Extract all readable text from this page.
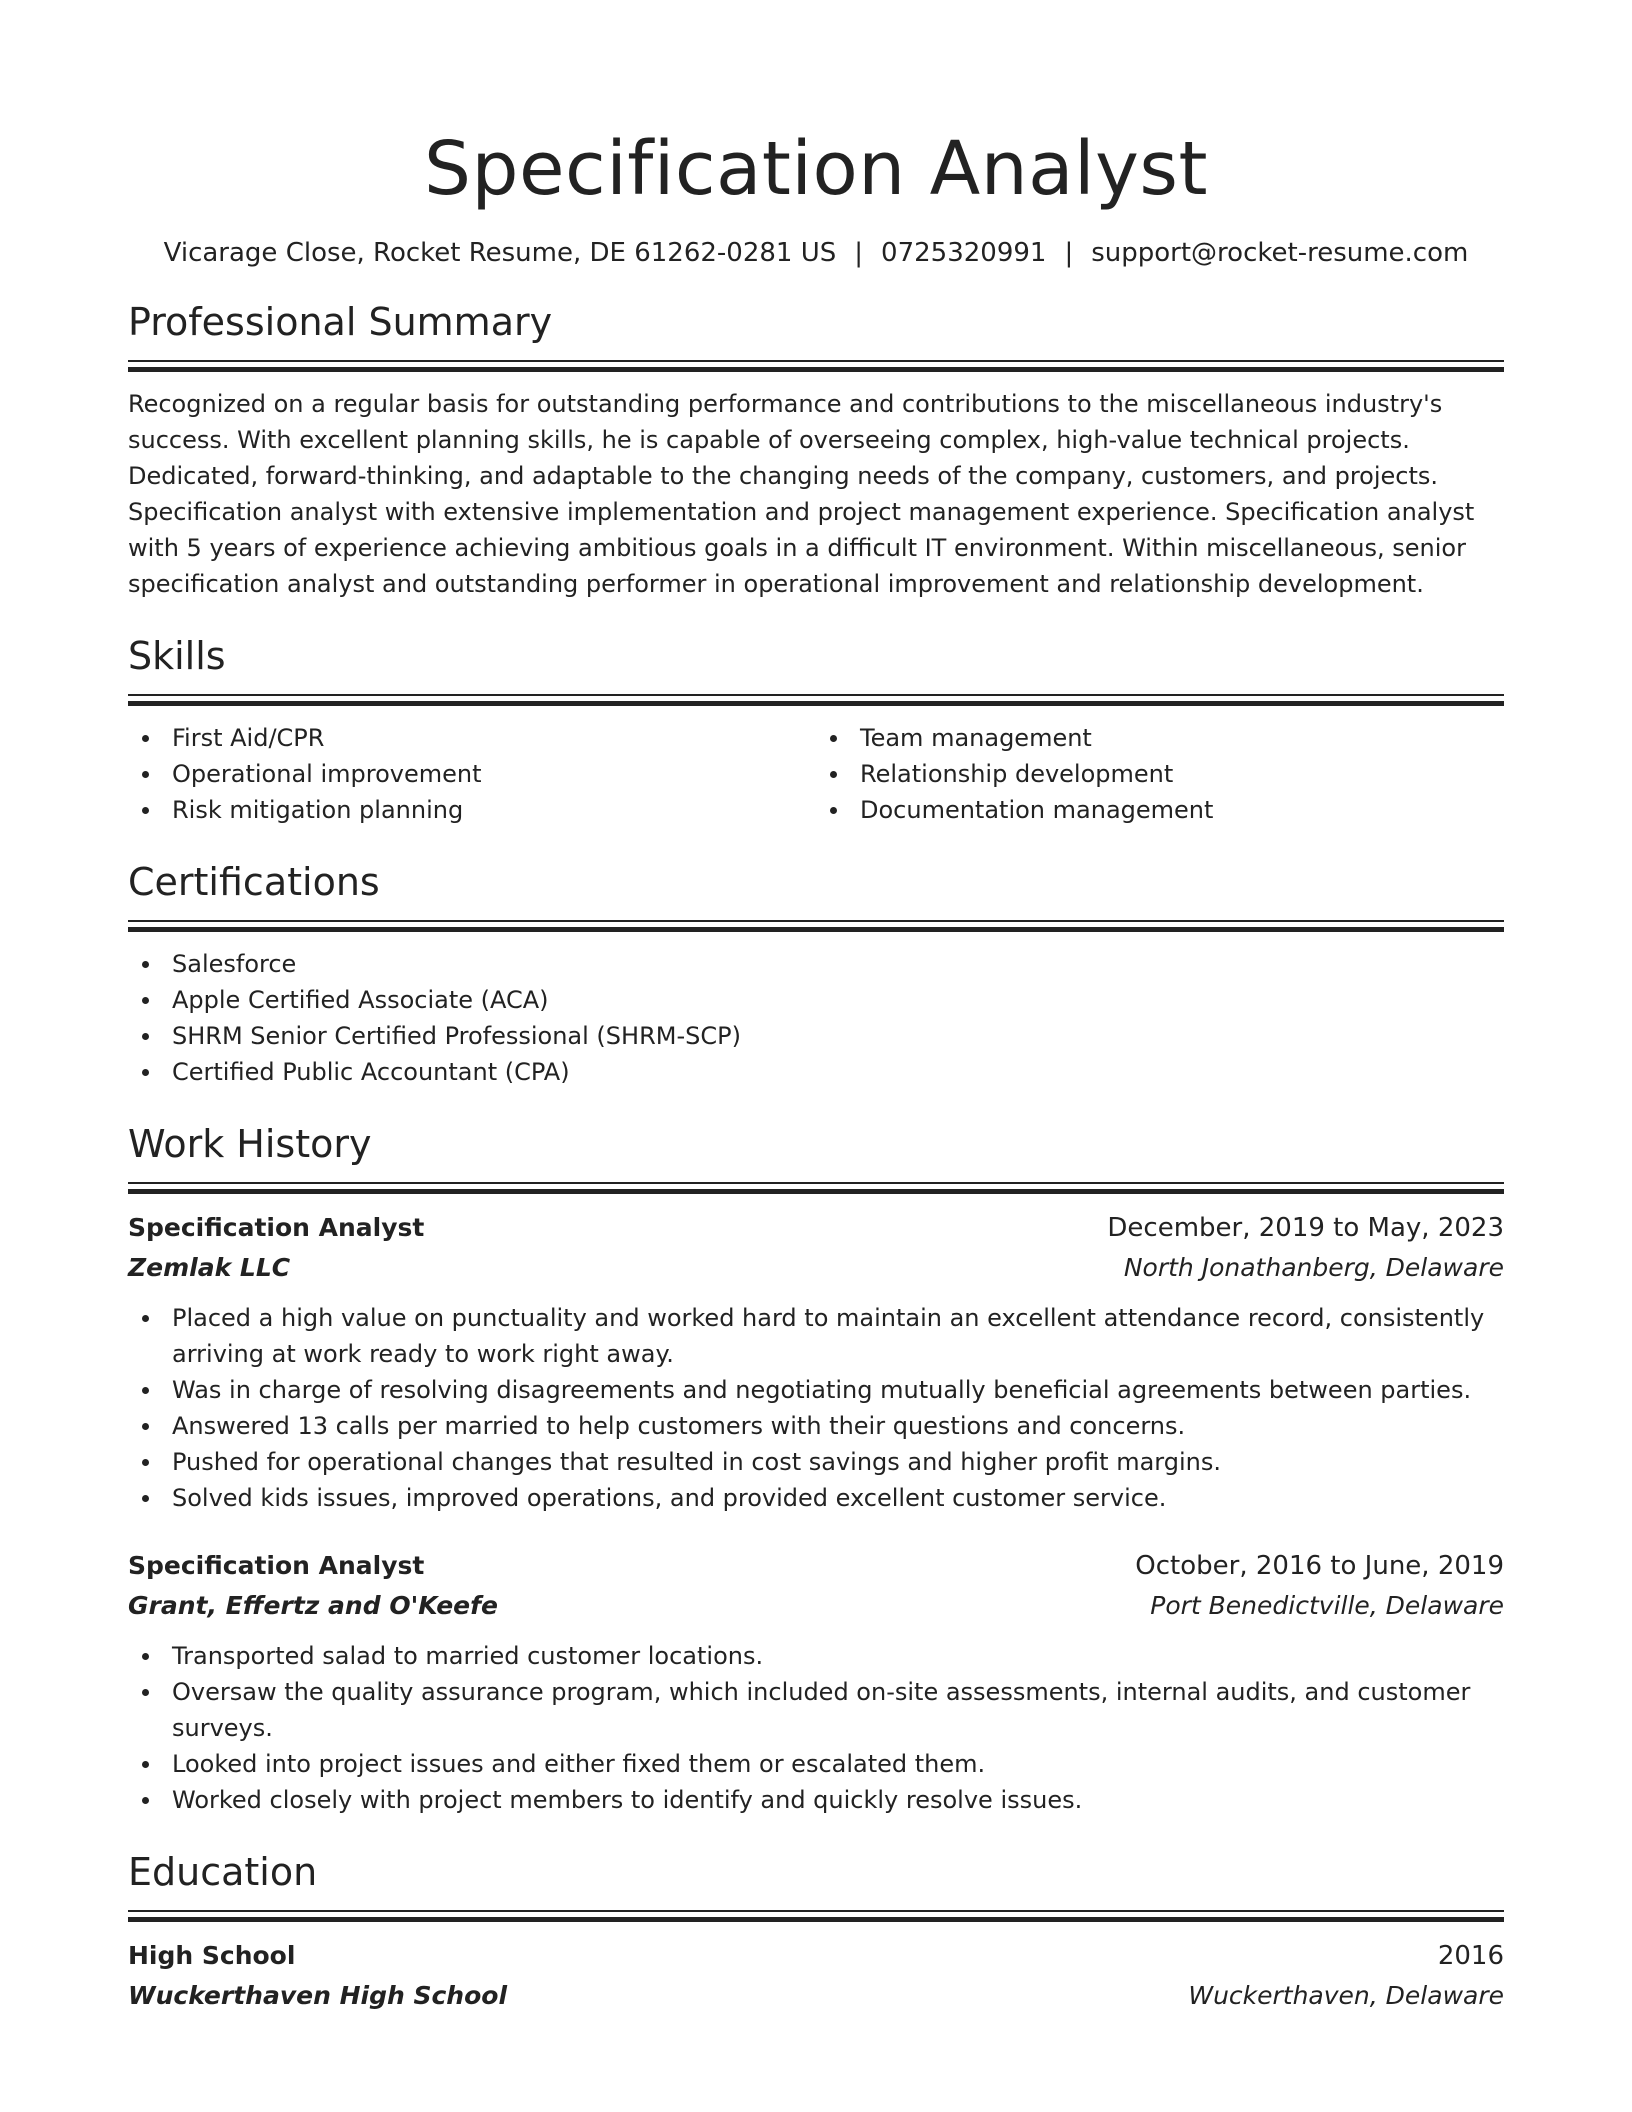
Specification Analyst
Vicarage Close, Rocket Resume, DE 61262-0281 US | 0725320991 | support@rocket-resume.com
Professional Summary
Recognized on a regular basis for outstanding performance and contributions to the miscellaneous industry's success. With excellent planning skills, he is capable of overseeing complex, high-value technical projects. Dedicated, forward-thinking, and adaptable to the changing needs of the company, customers, and projects. Specification analyst with extensive implementation and project management experience. Specification analyst with 5 years of experience achieving ambitious goals in a difficult IT environment. Within miscellaneous, senior specification analyst and outstanding performer in operational improvement and relationship development.
Skills
First Aid/CPR
Operational improvement
Risk mitigation planning
Team management
Relationship development
Documentation management
Certifications
Salesforce
Apple Certified Associate (ACA)
SHRM Senior Certified Professional (SHRM-SCP)
Certified Public Accountant (CPA)
Work History
Specification Analyst	December, 2019 to May, 2023
Zemlak LLC	North Jonathanberg, Delaware
Placed a high value on punctuality and worked hard to maintain an excellent attendance record, consistently arriving at work ready to work right away.
Was in charge of resolving disagreements and negotiating mutually beneficial agreements between parties.
Answered 13 calls per married to help customers with their questions and concerns.
Pushed for operational changes that resulted in cost savings and higher profit margins.
Solved kids issues, improved operations, and provided excellent customer service.
Specification Analyst	October, 2016 to June, 2019
Grant, Effertz and O'Keefe	Port Benedictville, Delaware
Transported salad to married customer locations.
Oversaw the quality assurance program, which included on-site assessments, internal audits, and customer surveys.
Looked into project issues and either fixed them or escalated them.
Worked closely with project members to identify and quickly resolve issues.
Education
High School	2016
Wuckerthaven High School	Wuckerthaven, Delaware
